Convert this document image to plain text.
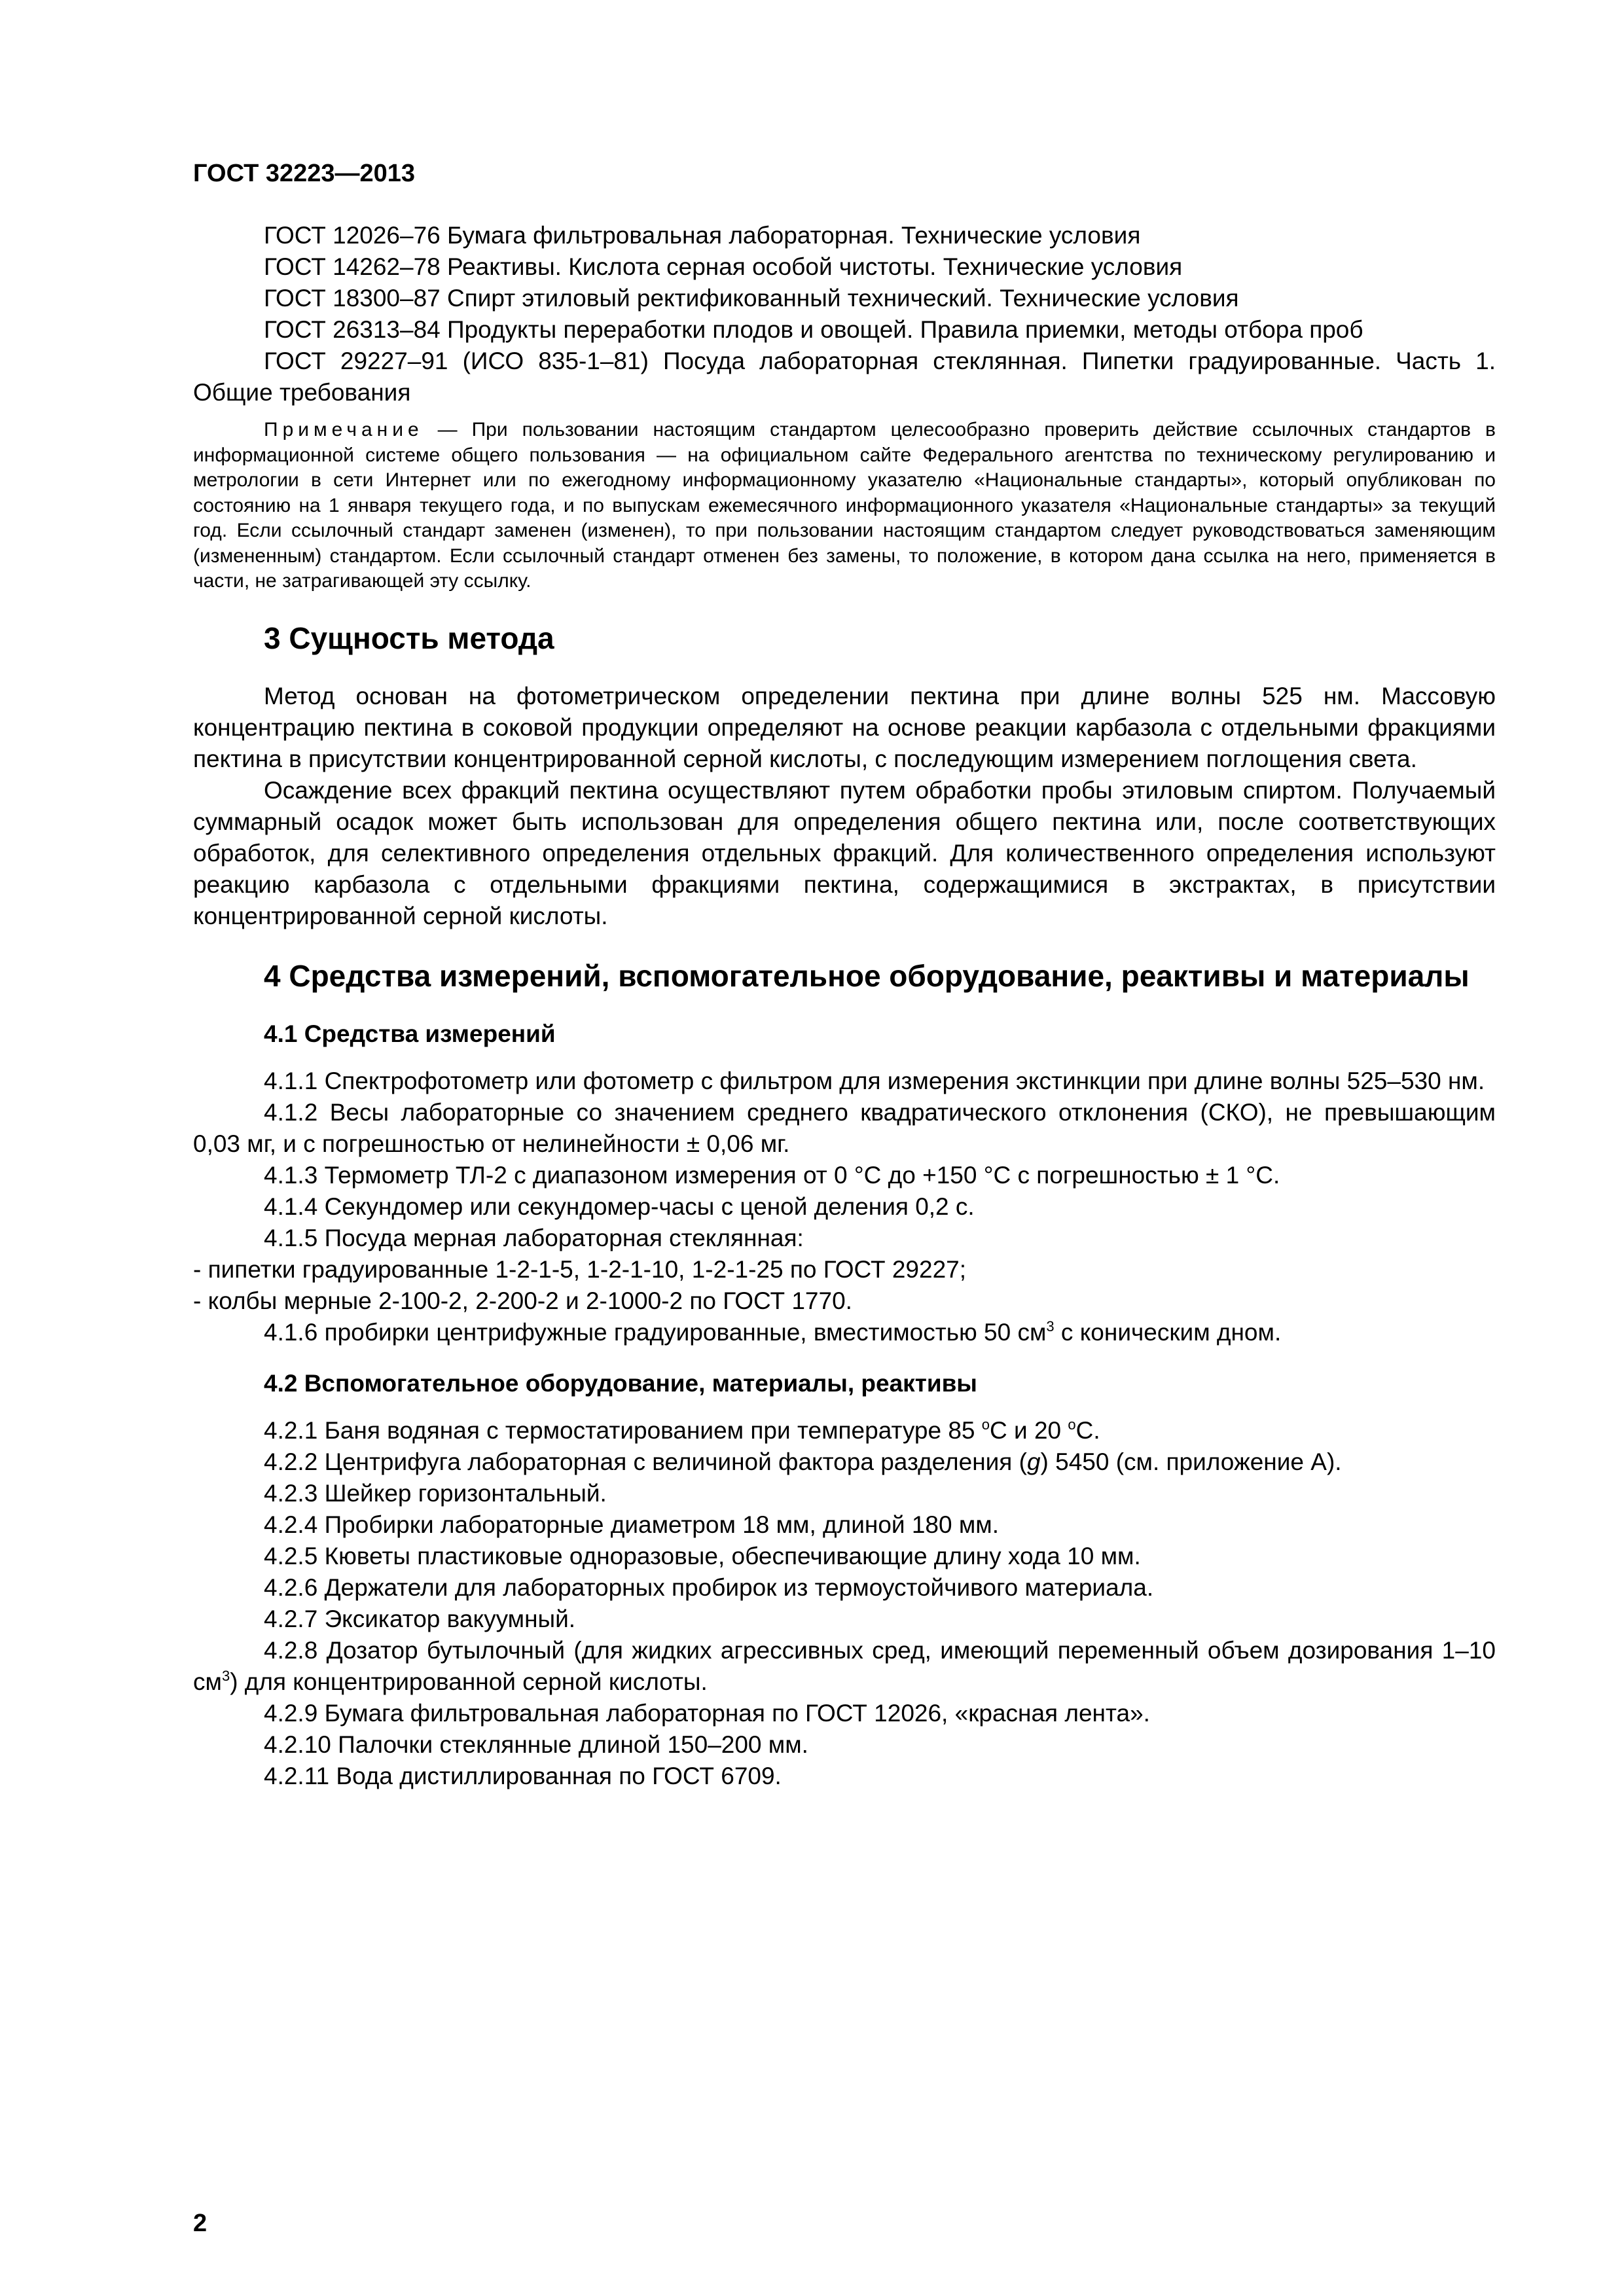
ГОСТ 32223—2013

ГОСТ 12026–76 Бумага фильтровальная лабораторная. Технические условия

ГОСТ 14262–78 Реактивы. Кислота серная особой чистоты. Технические условия

ГОСТ 18300–87 Спирт этиловый ректификованный технический. Технические условия

ГОСТ 26313–84 Продукты переработки плодов и овощей. Правила приемки, методы отбора проб

ГОСТ 29227–91 (ИСО 835-1–81) Посуда лабораторная стеклянная. Пипетки градуированные. Часть 1. Общие требования

Примечание — При пользовании настоящим стандартом целесообразно проверить действие ссылочных стандартов в информационной системе общего пользования — на официальном сайте Федерального агентства по техническому регулированию и метрологии в сети Интернет или по ежегодному информационному указателю «Национальные стандарты», который опубликован по состоянию на 1 января текущего года, и по выпускам ежемесячного информационного указателя «Национальные стандарты» за текущий год. Если ссылочный стандарт заменен (изменен), то при пользовании настоящим стандартом следует руководствоваться заменяющим (измененным) стандартом. Если ссылочный стандарт отменен без замены, то положение, в котором дана ссылка на него, применяется в части, не затрагивающей эту ссылку.

3 Сущность метода

Метод основан на фотометрическом определении пектина при длине волны 525 нм. Массовую концентрацию пектина в соковой продукции определяют на основе реакции карбазола с отдельными фракциями пектина в присутствии концентрированной серной кислоты, с последующим измерением поглощения света.

Осаждение всех фракций пектина осуществляют путем обработки пробы этиловым спиртом. Получаемый суммарный осадок может быть использован для определения общего пектина или, после соответствующих обработок, для селективного определения отдельных фракций. Для количественного определения используют реакцию карбазола с отдельными фракциями пектина, содержащимися в экстрактах, в присутствии концентрированной серной кислоты.

4 Средства измерений, вспомогательное оборудование, реактивы и материалы
4.1 Средства измерений

4.1.1 Спектрофотометр или фотометр с фильтром для измерения экстинкции при длине волны 525–530 нм.

4.1.2 Весы лабораторные со значением среднего квадратического отклонения (СКО), не превышающим 0,03 мг, и с погрешностью от нелинейности ± 0,06 мг.

4.1.3 Термометр ТЛ-2 с диапазоном измерения от 0 °С до +150 °С с погрешностью ± 1 °С.

4.1.4 Секундомер или секундомер-часы с ценой деления 0,2 с.

4.1.5 Посуда мерная лабораторная стеклянная:

- пипетки градуированные 1-2-1-5, 1-2-1-10, 1-2-1-25 по ГОСТ 29227;

- колбы мерные 2-100-2, 2-200-2 и 2-1000-2 по ГОСТ 1770.

4.1.6 пробирки центрифужные градуированные, вместимостью 50 $см^3$ с коническим дном.

4.2 Вспомогательное оборудование, материалы, реактивы

4.2.1 Баня водяная с термостатированием при температуре 85 $^о$С и 20 $^о$С.

4.2.2 Центрифуга лабораторная с величиной фактора разделения (g) 5450 (см. приложение А).

4.2.3 Шейкер горизонтальный.

4.2.4 Пробирки лабораторные диаметром 18 мм, длиной 180 мм.

4.2.5 Кюветы пластиковые одноразовые, обеспечивающие длину хода 10 мм.

4.2.6 Держатели для лабораторных пробирок из термоустойчивого материала.

4.2.7 Эксикатор вакуумный.

4.2.8 Дозатор бутылочный (для жидких агрессивных сред, имеющий переменный объем дозирования 1–10 $см^3$) для концентрированной серной кислоты.

4.2.9 Бумага фильтровальная лабораторная по ГОСТ 12026, «красная лента».

4.2.10 Палочки стеклянные длиной 150–200 мм.

4.2.11 Вода дистиллированная по ГОСТ 6709.

2
